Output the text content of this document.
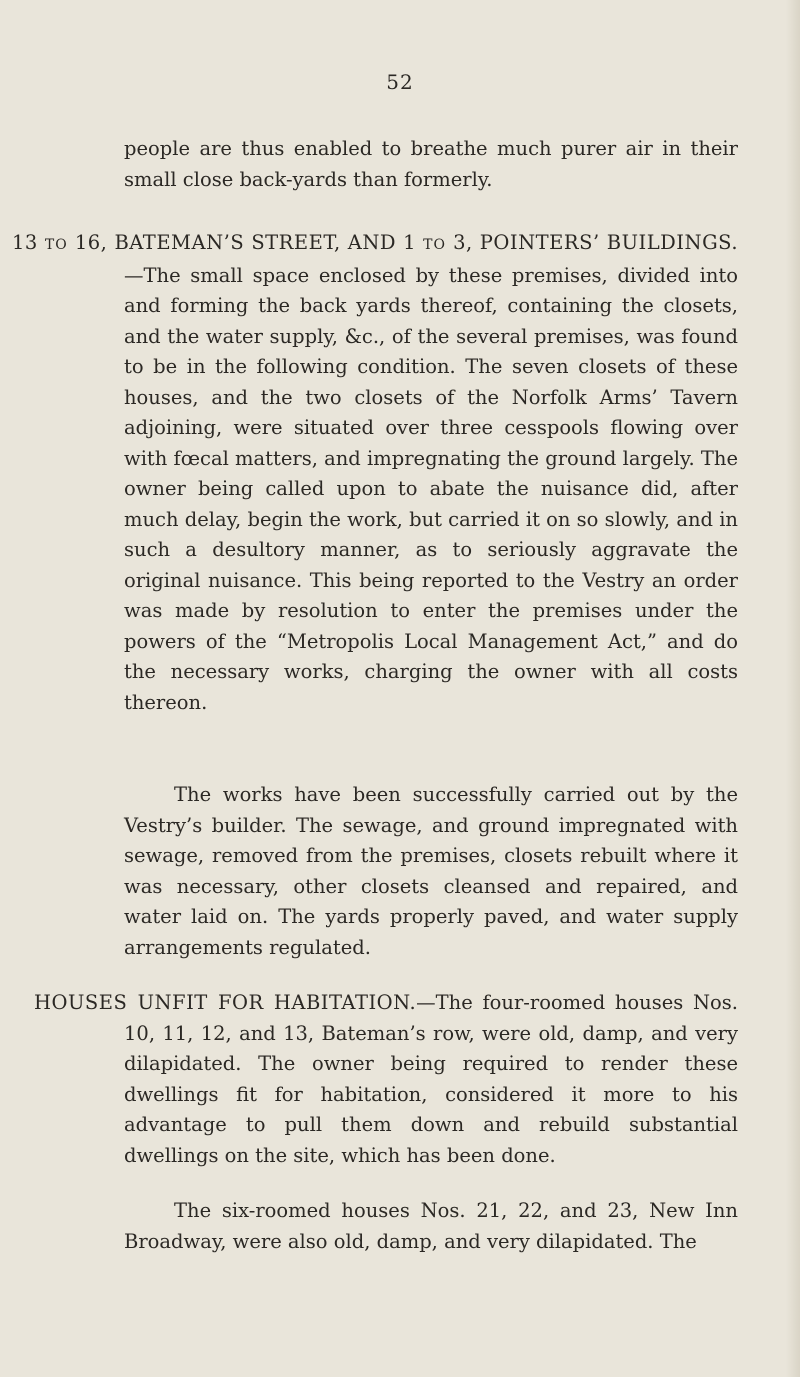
52

people are thus enabled to breathe much purer air in their small close back-yards than formerly.

13 TO 16, BATEMAN’S STREET, AND 1 TO 3, POINTERS’ BUILDINGS.—The small space enclosed by these premises, divided into and forming the back yards thereof, containing the closets, and the water supply, &c., of the several premises, was found to be in the following condition. The seven closets of these houses, and the two closets of the Norfolk Arms’ Tavern adjoining, were situated over three cesspools flowing over with fœcal matters, and impregnating the ground largely. The owner being called upon to abate the nuisance did, after much delay, begin the work, but carried it on so slowly, and in such a desultory manner, as to seriously aggravate the original nuisance. This being reported to the Vestry an order was made by resolution to enter the premises under the powers of the “Metropolis Local Management Act,” and do the necessary works, charging the owner with all costs thereon.

The works have been successfully carried out by the Vestry’s builder. The sewage, and ground impregnated with sewage, removed from the premises, closets rebuilt where it was necessary, other closets cleansed and repaired, and water laid on. The yards properly paved, and water supply arrangements regulated.

HOUSES UNFIT FOR HABITATION.—The four-roomed houses Nos. 10, 11, 12, and 13, Bateman’s row, were old, damp, and very dilapidated. The owner being required to render these dwellings fit for habitation, considered it more to his advantage to pull them down and rebuild substantial dwellings on the site, which has been done.

The six-roomed houses Nos. 21, 22, and 23, New Inn Broadway, were also old, damp, and very dilapidated. The
